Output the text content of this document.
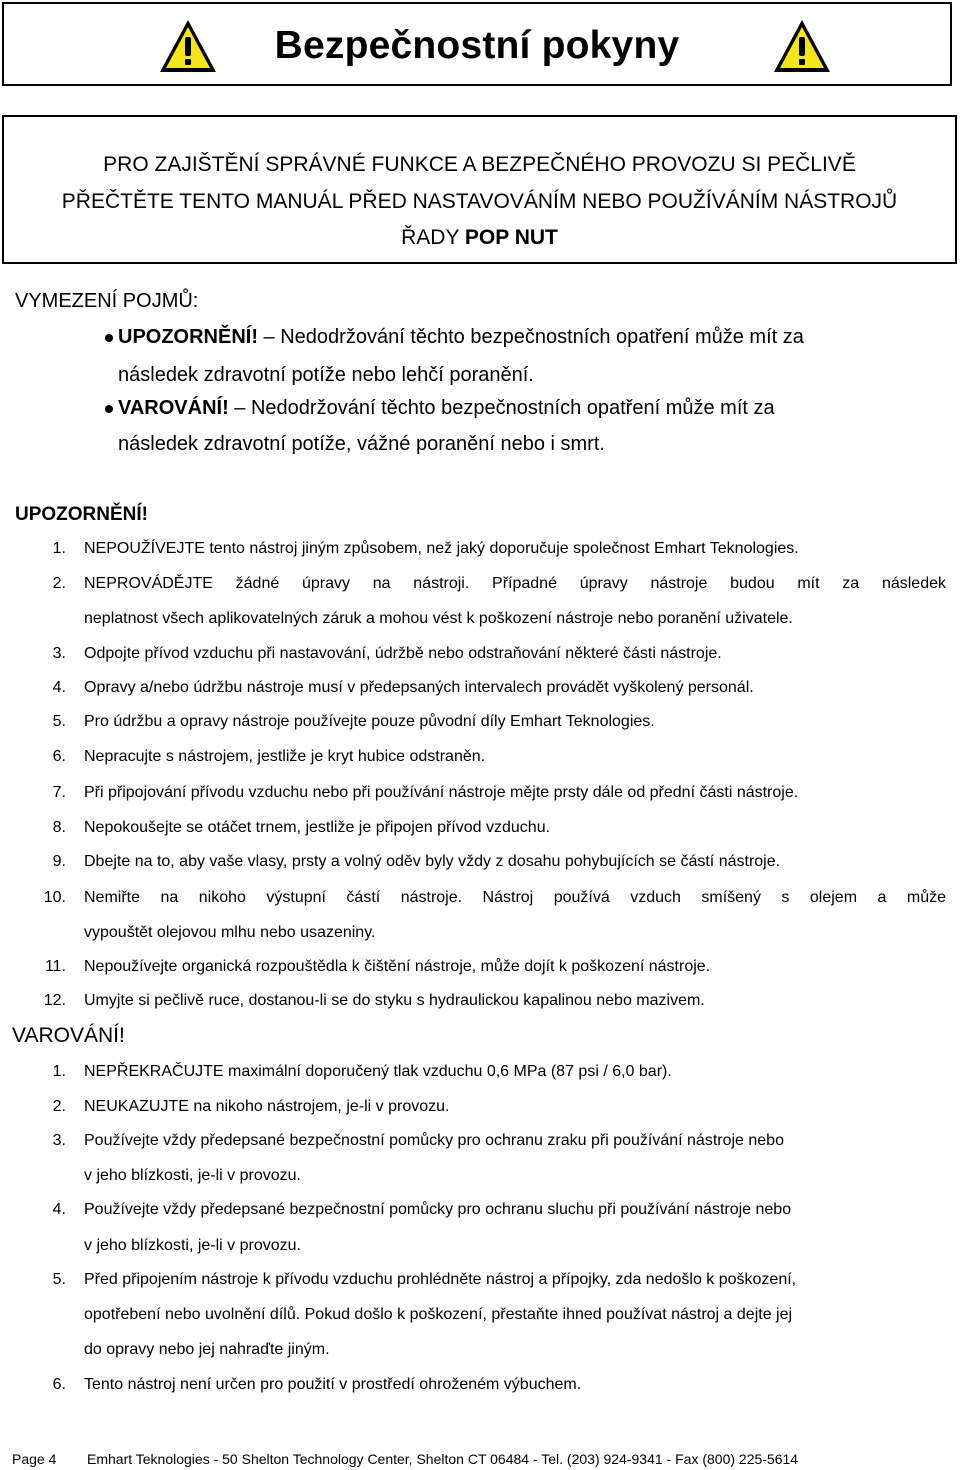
Bezpečnostní pokyny
PRO ZAJIŠTĚNÍ SPRÁVNÉ FUNKCE A BEZPEČNÉHO PROVOZU SI PEČLIVĚ
PŘEČTĚTE TENTO MANUÁL PŘED NASTAVOVÁNÍM NEBO POUŽÍVÁNÍM NÁSTROJŮ
ŘADY POP NUT
VYMEZENÍ POJMŮ:
UPOZORNĚNÍ! – Nedodržování těchto bezpečnostních opatření může mít za
následek zdravotní potíže nebo lehčí poranění.
VAROVÁNÍ! – Nedodržování těchto bezpečnostních opatření může mít za
následek zdravotní potíže, vážné poranění nebo i smrt.
UPOZORNĚNÍ!
1. NEPOUŽÍVEJTE tento nástroj jiným způsobem, než jaký doporučuje společnost Emhart Teknologies.
2. NEPROVÁDĚJTE žádné úpravy na nástroji. Případné úpravy nástroje budou mít za následek
neplatnost všech aplikovatelných záruk a mohou vést k poškození nástroje nebo poranění uživatele.
3. Odpojte přívod vzduchu při nastavování, údržbě nebo odstraňování některé části nástroje.
4. Opravy a/nebo údržbu nástroje musí v předepsaných intervalech provádět vyškolený personál.
5. Pro údržbu a opravy nástroje používejte pouze původní díly Emhart Teknologies.
6. Nepracujte s nástrojem, jestliže je kryt hubice odstraněn.
7. Při připojování přívodu vzduchu nebo při používání nástroje mějte prsty dále od přední části nástroje.
8. Nepokoušejte se otáčet trnem, jestliže je připojen přívod vzduchu.
9. Dbejte na to, aby vaše vlasy, prsty a volný oděv byly vždy z dosahu pohybujících se částí nástroje.
10. Nemiřte na nikoho výstupní částí nástroje. Nástroj používá vzduch smíšený s olejem a může
vypouštět olejovou mlhu nebo usazeniny.
11. Nepoužívejte organická rozpouštědla k čištění nástroje, může dojít k poškození nástroje.
12. Umyjte si pečlivě ruce, dostanou-li se do styku s hydraulickou kapalinou nebo mazivem.
VAROVÁNÍ!
1. NEPŘEKRAČUJTE maximální doporučený tlak vzduchu 0,6 MPa (87 psi / 6,0 bar).
2. NEUKAZUJTE na nikoho nástrojem, je-li v provozu.
3. Používejte vždy předepsané bezpečnostní pomůcky pro ochranu zraku při používání nástroje nebo
v jeho blízkosti, je-li v provozu.
4. Používejte vždy předepsané bezpečnostní pomůcky pro ochranu sluchu při používání nástroje nebo
v jeho blízkosti, je-li v provozu.
5. Před připojením nástroje k přívodu vzduchu prohlédněte nástroj a přípojky, zda nedošlo k poškození,
opotřebení nebo uvolnění dílů. Pokud došlo k poškození, přestaňte ihned používat nástroj a dejte jej
do opravy nebo jej nahraďte jiným.
6. Tento nástroj není určen pro použití v prostředí ohroženém výbuchem.
Page 4 Emhart Teknologies - 50 Shelton Technology Center, Shelton CT 06484 - Tel. (203) 924-9341 - Fax (800) 225-5614
